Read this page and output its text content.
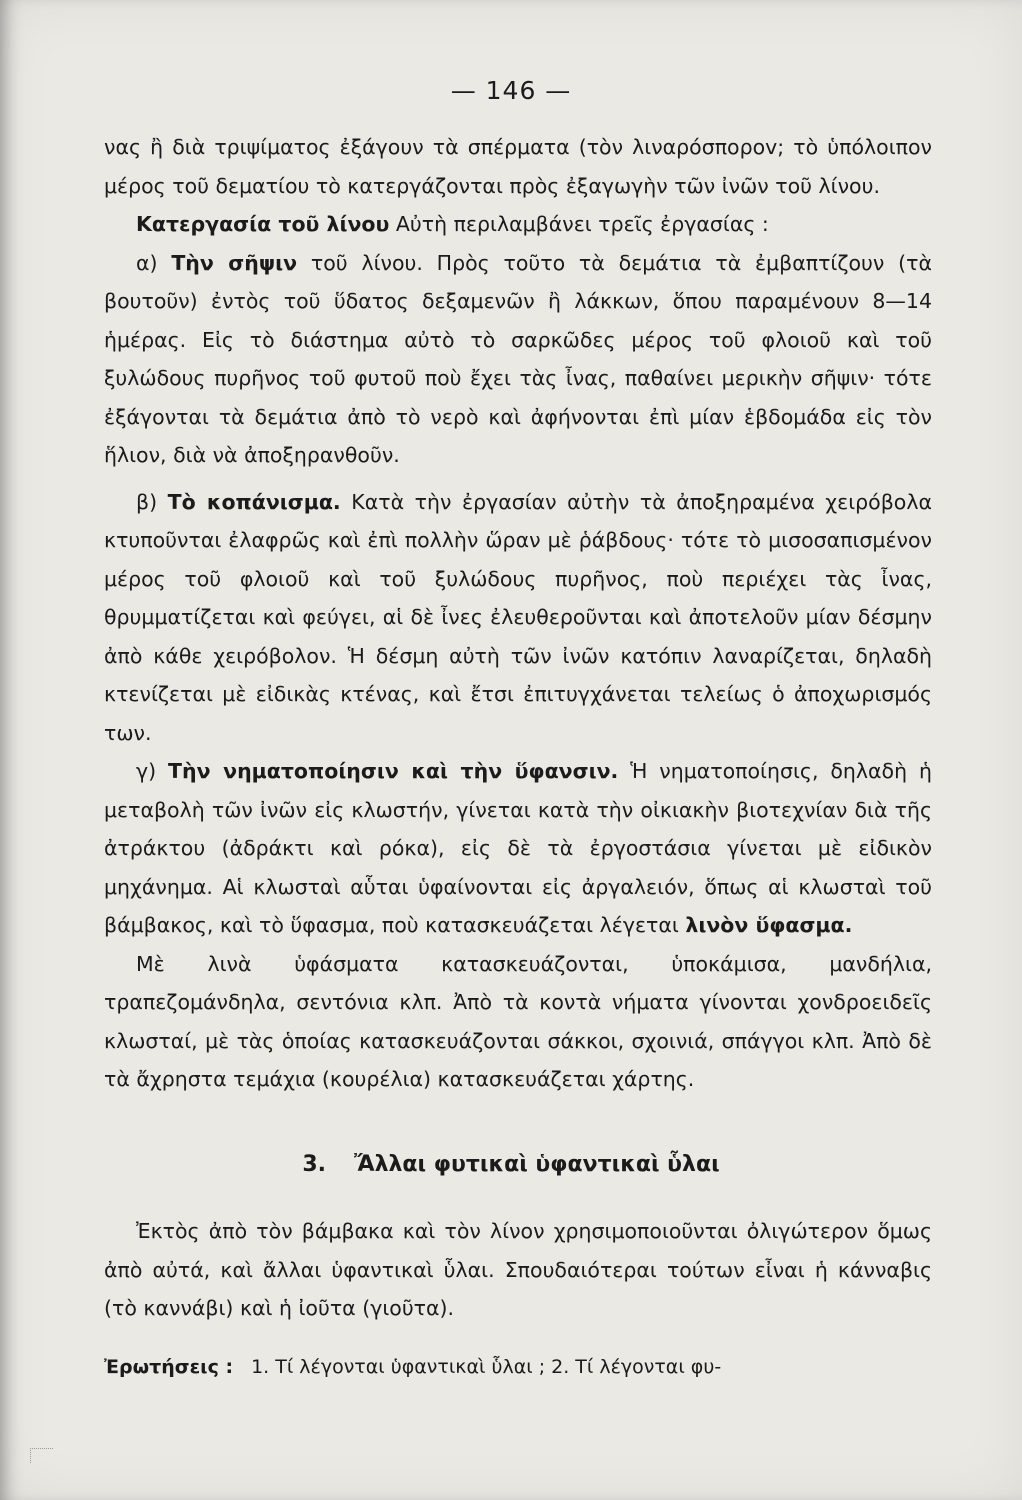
— 146 —

νας ἢ διὰ τριψίματος ἐξάγουν τὰ σπέρματα (τὸν λιναρόσποροv; τὸ ὑπόλοιπον μέρος τοῦ δεματίου τὸ κατεργάζονται πρὸς ἐξαγωγὴν τῶν ἰνῶν τοῦ λίνου.

Κατεργασία τοῦ λίνου Αὐτὴ περιλαμβάνει τρεῖς ἐργασίας :

α) Τὴν σῆψιν τοῦ λίνου. Πρὸς τοῦτο τὰ δεμάτια τὰ ἐμβαπτίζουν (τὰ βουτοῦν) ἐντὸς τοῦ ὕδατος δεξαμενῶν ἢ λάκκων, ὅπου παραμένουν 8—14 ἡμέρας. Εἰς τὸ διάστημα αὐτὸ τὸ σαρκῶδες μέρος τοῦ φλοιοῦ καὶ τοῦ ξυλώδους πυρῆνος τοῦ φυτοῦ ποὺ ἔχει τὰς ἶνας, παθαίνει μερικὴν σῆψιν· τότε ἐξάγονται τὰ δεμάτια ἀπὸ τὸ νερὸ καὶ ἀφήνονται ἐπὶ μίαν ἑβδομάδα εἰς τὸν ἥλιον, διὰ νὰ ἀποξηρανθοῦν.

β) Τὸ κοπάνισμα. Κατὰ τὴν ἐργασίαν αὐτὴν τὰ ἀποξηραμένα χειρόβολα κτυποῦνται ἐλαφρῶς καὶ ἐπὶ πολλὴν ὥραν μὲ ῥάβδους· τότε τὸ μισοσαπισμένον μέρος τοῦ φλοιοῦ καὶ τοῦ ξυλώδους πυρῆνος, ποὺ περιέχει τὰς ἶνας, θρυμματίζεται καὶ φεύγει, αἱ δὲ ἶνες ἐλευθεροῦνται καὶ ἀποτελοῦν μίαν δέσμην ἀπὸ κάθε χειρόβολον. Ἡ δέσμη αὐτὴ τῶν ἰνῶν κατόπιν λαναρίζεται, δηλαδὴ κτενίζεται μὲ εἰδικὰς κτένας, καὶ ἔτσι ἐπιτυγχάνεται τελείως ὁ ἀποχωρισμός των.

γ) Τὴν νηματοποίησιν καὶ τὴν ὕφανσιν. Ἡ νηματοποίησις, δηλαδὴ ἡ μεταβολὴ τῶν ἰνῶν εἰς κλωστήν, γίνεται κατὰ τὴν οἰκιακὴν βιοτεχνίαν διὰ τῆς ἀτράκτου (ἀδράκτι καὶ ρόκα), εἰς δὲ τὰ ἐργοστάσια γίνεται μὲ εἰδικὸν μηχάνημα. Αἱ κλωσταὶ αὗται ὑφαίνονται εἰς ἀργαλειόν, ὅπως αἱ κλωσταὶ τοῦ βάμβακος, καὶ τὸ ὕφασμα, ποὺ κατασκευάζεται λέγεται λινὸν ὕφασμα.

Μὲ λινὰ ὑφάσματα κατασκευάζονται, ὑποκάμισα, μανδήλια, τραπεζομάνδηλα, σεντόνια κλπ. Ἀπὸ τὰ κοντὰ νήματα γίνονται χονδροειδεῖς κλωσταί, μὲ τὰς ὁποίας κατασκευάζονται σάκκοι, σχοινιά, σπάγγοι κλπ. Ἀπὸ δὲ τὰ ἄχρηστα τεμάχια (κουρέλια) κατασκευάζεται χάρτης.

3. Ἄλλαι φυτικαὶ ὑφαντικαὶ ὗλαι

Ἐκτὸς ἀπὸ τὸν βάμβακα καὶ τὸν λίνον χρησιμοποιοῦνται ὀλιγώτερον ὅμως ἀπὸ αὐτά, καὶ ἄλλαι ὑφαντικαὶ ὗλαι. Σπουδαιότεραι τούτων εἶναι ἡ κάνναβις (τὸ καννάβι) καὶ ἡ ἰοῦτα (γιοῦτα).

Ἐρωτήσεις : 1. Τί λέγονται ὑφαντικαὶ ὗλαι ; 2. Τί λέγονται φυ-
